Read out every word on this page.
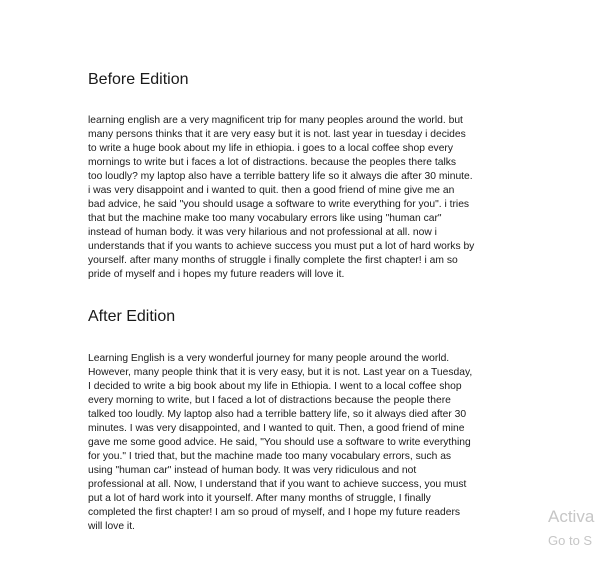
Before Edition
learning english are a very magnificent trip for many peoples around the world. but
many persons thinks that it are very easy but it is not. last year in tuesday i decides
to write a huge book about my life in ethiopia. i goes to a local coffee shop every
mornings to write but i faces a lot of distractions. because the peoples there talks
too loudly? my laptop also have a terrible battery life so it always die after 30 minute.
i was very disappoint and i wanted to quit. then a good friend of mine give me an
bad advice, he said "you should usage a software to write everything for you". i tries
that but the machine make too many vocabulary errors like using "human car"
instead of human body. it was very hilarious and not professional at all. now i
understands that if you wants to achieve success you must put a lot of hard works by
yourself. after many months of struggle i finally complete the first chapter! i am so
pride of myself and i hopes my future readers will love it.
After Edition
Learning English is a very wonderful journey for many people around the world.
However, many people think that it is very easy, but it is not. Last year on a Tuesday,
I decided to write a big book about my life in Ethiopia. I went to a local coffee shop
every morning to write, but I faced a lot of distractions because the people there
talked too loudly. My laptop also had a terrible battery life, so it always died after 30
minutes. I was very disappointed, and I wanted to quit. Then, a good friend of mine
gave me some good advice. He said, "You should use a software to write everything
for you." I tried that, but the machine made too many vocabulary errors, such as
using "human car" instead of human body. It was very ridiculous and not
professional at all. Now, I understand that if you want to achieve success, you must
put a lot of hard work into it yourself. After many months of struggle, I finally
completed the first chapter! I am so proud of myself, and I hope my future readers
will love it.

Activa

Go to S
